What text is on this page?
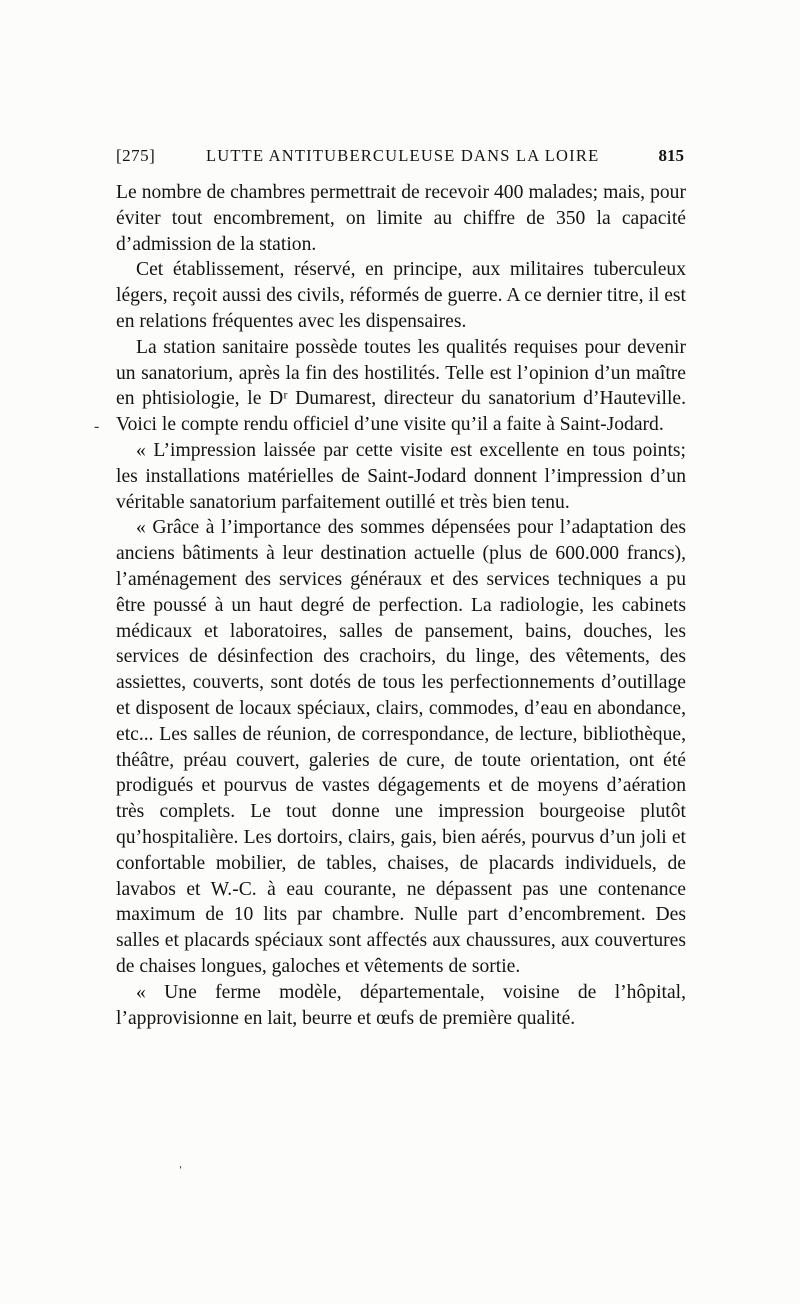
[275]	LUTTE ANTITUBERCULEUSE DANS LA LOIRE	815

Le nombre de chambres permettrait de recevoir 400 malades; mais, pour éviter tout encombrement, on limite au chiffre de 350 la capacité d’admission de la station.

Cet établissement, réservé, en principe, aux militaires tuberculeux légers, reçoit aussi des civils, réformés de guerre. A ce dernier titre, il est en relations fréquentes avec les dispensaires.

La station sanitaire possède toutes les qualités requises pour devenir un sanatorium, après la fin des hostilités. Telle est l’opinion d’un maître en phtisiologie, le Dʳ Dumarest, directeur du sanatorium d’Hauteville. Voici le compte rendu officiel d’une visite qu’il a faite à Saint-Jodard.

« L’impression laissée par cette visite est excellente en tous points; les installations matérielles de Saint-Jodard donnent l’impression d’un véritable sanatorium parfaitement outillé et très bien tenu.

« Grâce à l’importance des sommes dépensées pour l’adaptation des anciens bâtiments à leur destination actuelle (plus de 600.000 francs), l’aménagement des services généraux et des services techniques a pu être poussé à un haut degré de perfection. La radiologie, les cabinets médicaux et laboratoires, salles de pansement, bains, douches, les services de désinfection des crachoirs, du linge, des vêtements, des assiettes, couverts, sont dotés de tous les perfectionnements d’outillage et disposent de locaux spéciaux, clairs, commodes, d’eau en abondance, etc... Les salles de réunion, de correspondance, de lecture, bibliothèque, théâtre, préau couvert, galeries de cure, de toute orientation, ont été prodigués et pourvus de vastes dégagements et de moyens d’aération très complets. Le tout donne une impression bourgeoise plutôt qu’hospitalière. Les dortoirs, clairs, gais, bien aérés, pourvus d’un joli et confortable mobilier, de tables, chaises, de placards individuels, de lavabos et W.-C. à eau courante, ne dépassent pas une contenance maximum de 10 lits par chambre. Nulle part d’encombrement. Des salles et placards spéciaux sont affectés aux chaussures, aux couvertures de chaises longues, galoches et vêtements de sortie.

« Une ferme modèle, départementale, voisine de l’hôpital, l’approvisionne en lait, beurre et œufs de première qualité.

-
ˌ
